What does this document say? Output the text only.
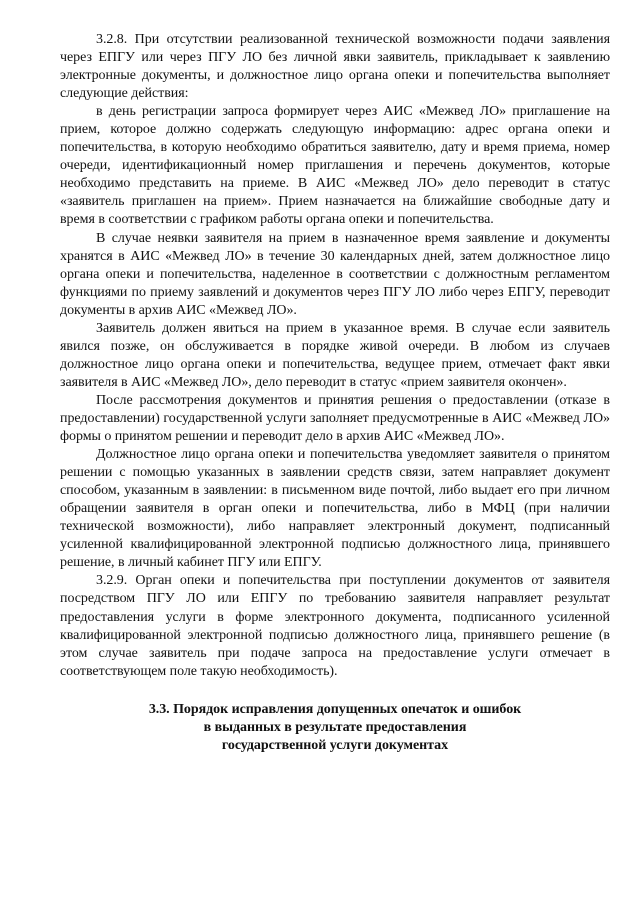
3.2.8. При отсутствии реализованной технической возможности подачи заявления через ЕПГУ или через ПГУ ЛО без личной явки заявитель, прикладывает к заявлению электронные документы, и должностное лицо органа опеки и попечительства выполняет следующие действия:

в день регистрации запроса формирует через АИС «Межвед ЛО» приглашение на прием, которое должно содержать следующую информацию: адрес органа опеки и попечительства, в которую необходимо обратиться заявителю, дату и время приема, номер очереди, идентификационный номер приглашения и перечень документов, которые необходимо представить на приеме. В АИС «Межвед ЛО» дело переводит в статус «заявитель приглашен на прием». Прием назначается на ближайшие свободные дату и время в соответствии с графиком работы органа опеки и попечительства.

В случае неявки заявителя на прием в назначенное время заявление и документы хранятся в АИС «Межвед ЛО» в течение 30 календарных дней, затем должностное лицо органа опеки и попечительства, наделенное в соответствии с должностным регламентом функциями по приему заявлений и документов через ПГУ ЛО либо через ЕПГУ, переводит документы в архив АИС «Межвед ЛО».

Заявитель должен явиться на прием в указанное время. В случае если заявитель явился позже, он обслуживается в порядке живой очереди. В любом из случаев должностное лицо органа опеки и попечительства, ведущее прием, отмечает факт явки заявителя в АИС «Межвед ЛО», дело переводит в статус «прием заявителя окончен».

После рассмотрения документов и принятия решения о предоставлении (отказе в предоставлении) государственной услуги заполняет предусмотренные в АИС «Межвед ЛО» формы о принятом решении и переводит дело в архив АИС «Межвед ЛО».

Должностное лицо органа опеки и попечительства уведомляет заявителя о принятом решении с помощью указанных в заявлении средств связи, затем направляет документ способом, указанным в заявлении: в письменном виде почтой, либо выдает его при личном обращении заявителя в орган опеки и попечительства, либо в МФЦ (при наличии технической возможности), либо направляет электронный документ, подписанный усиленной квалифицированной электронной подписью должностного лица, принявшего решение, в личный кабинет ПГУ или ЕПГУ.

3.2.9. Орган опеки и попечительства при поступлении документов от заявителя посредством ПГУ ЛО или ЕПГУ по требованию заявителя направляет результат предоставления услуги в форме электронного документа, подписанного усиленной квалифицированной электронной подписью должностного лица, принявшего решение (в этом случае заявитель при подаче запроса на предоставление услуги отмечает в соответствующем поле такую необходимость).

3.3. Порядок исправления допущенных опечаток и ошибок
в выданных в результате предоставления
государственной услуги документах
